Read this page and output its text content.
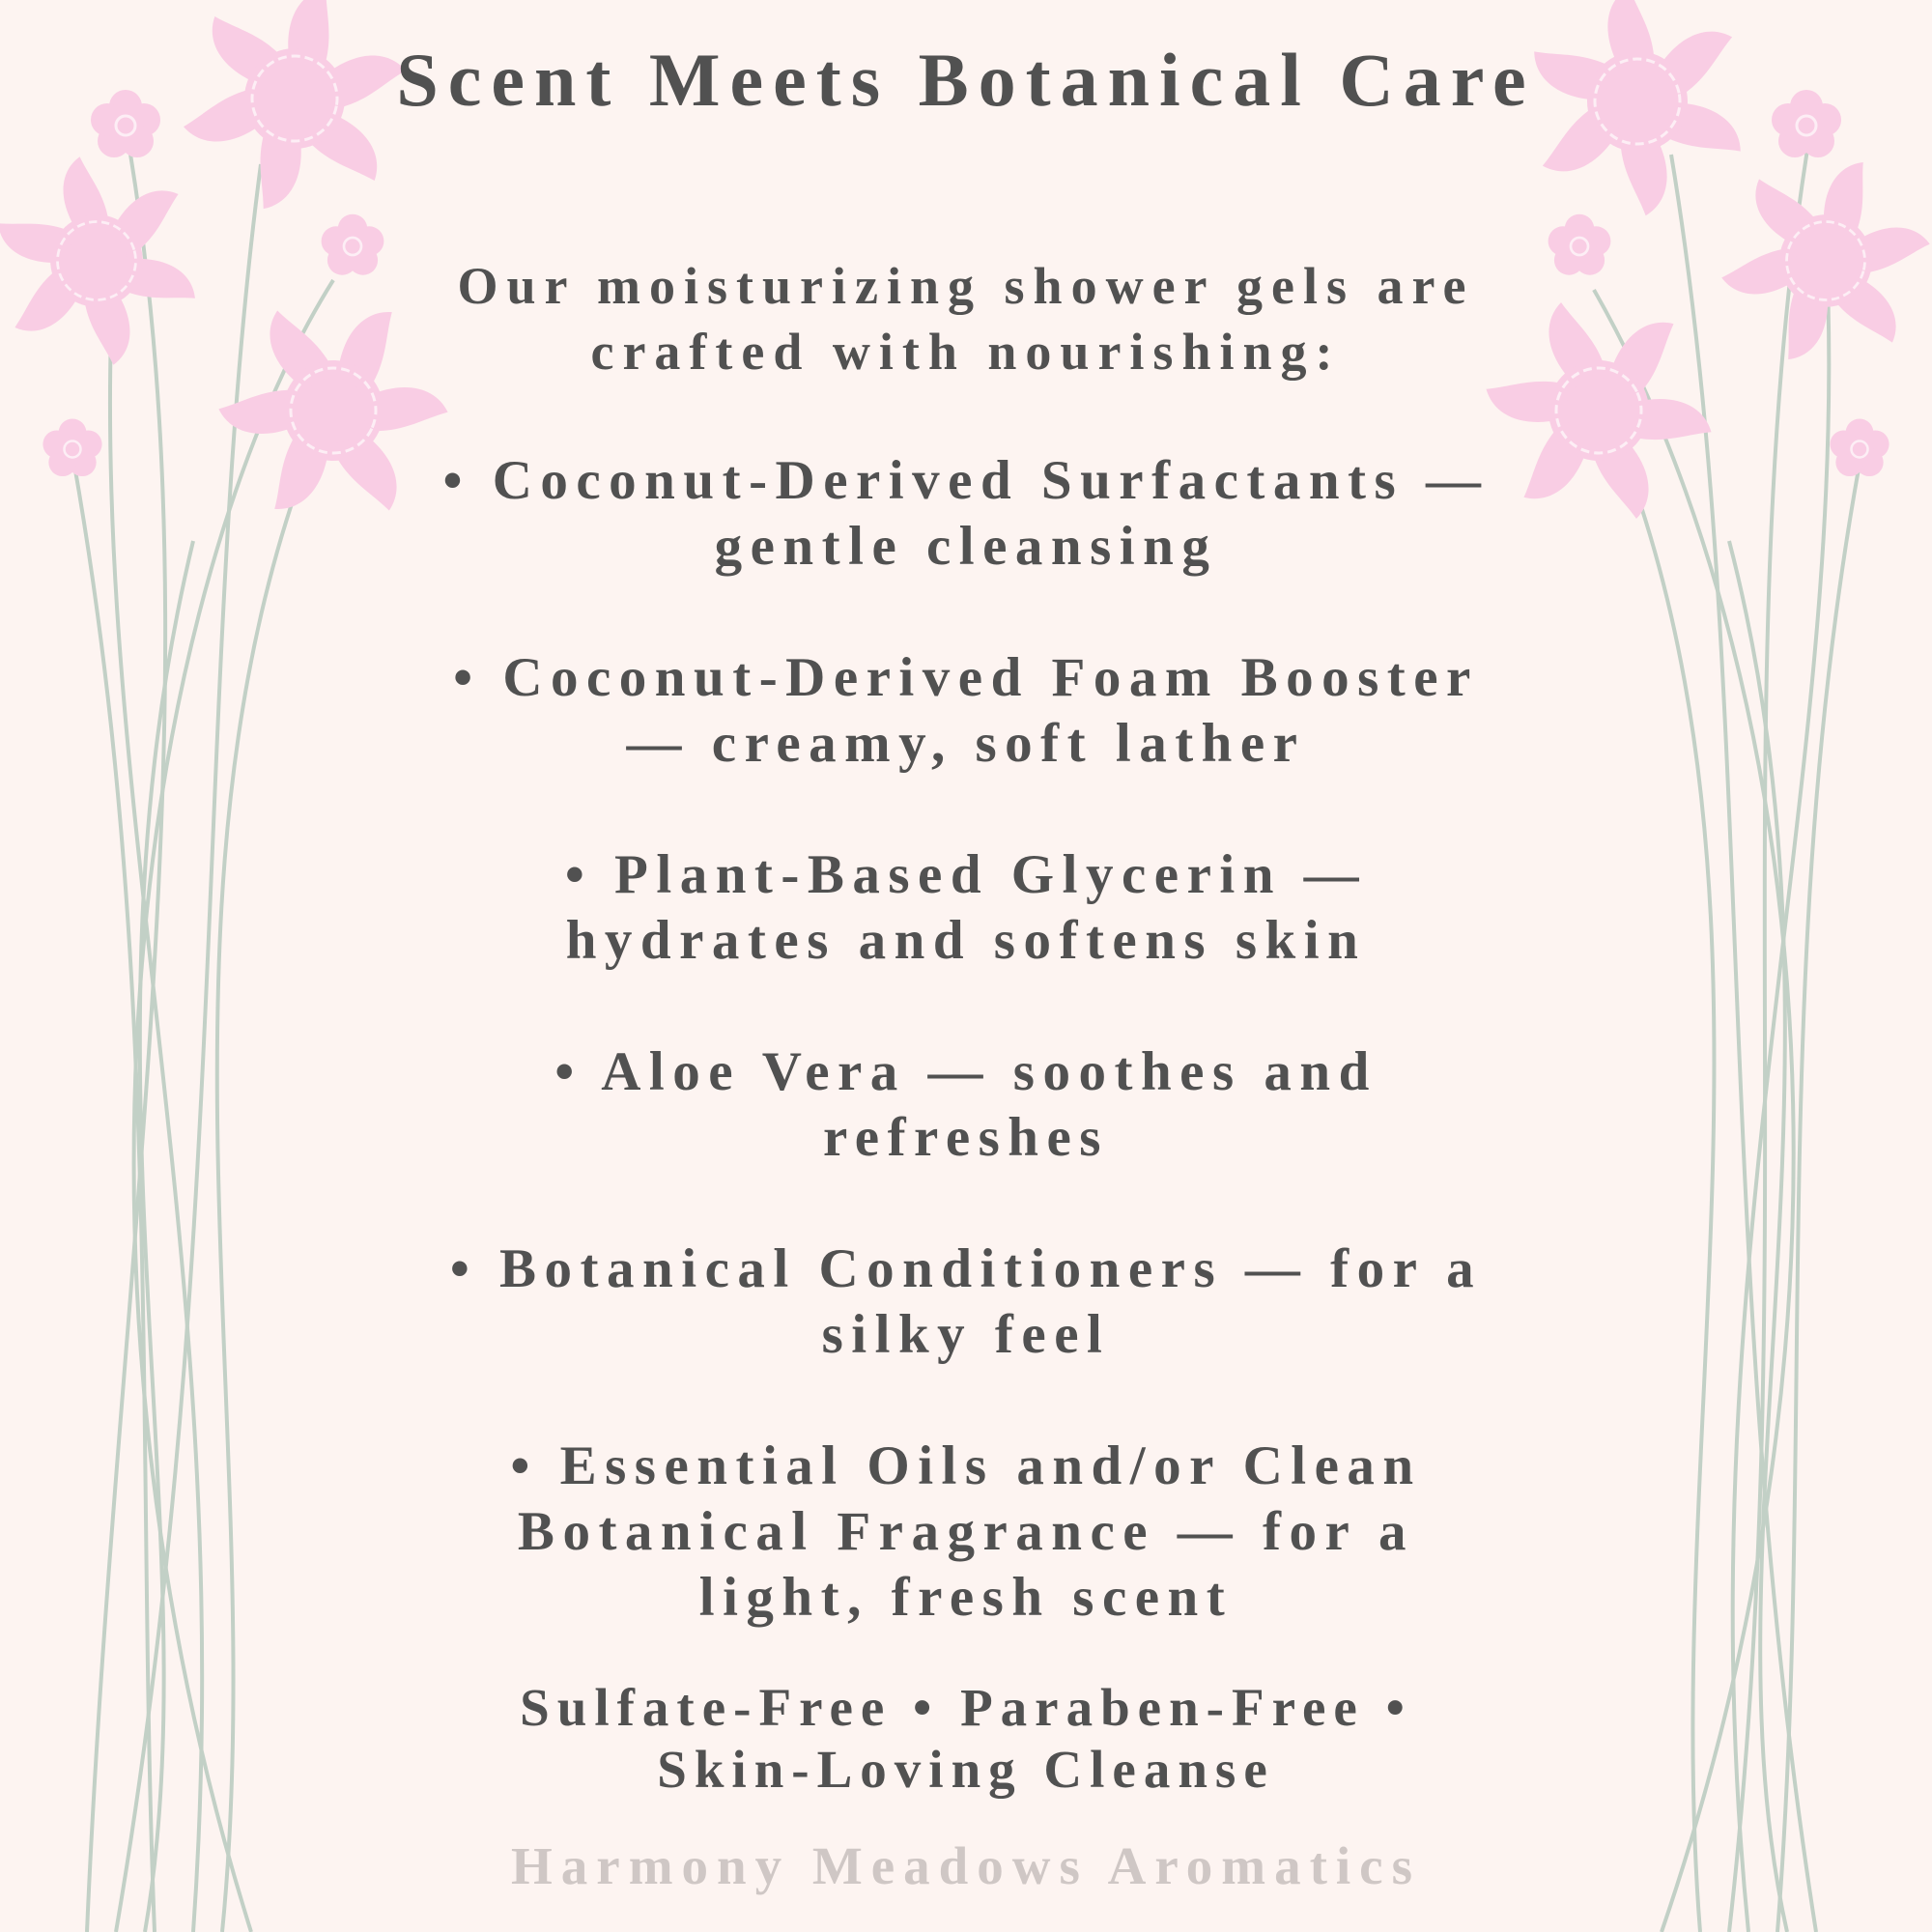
Scent Meets Botanical Care

Our moisturizing shower gels are crafted with nourishing:

• Coconut-Derived Surfactants — gentle cleansing

• Coconut-Derived Foam Booster — creamy, soft lather

• Plant-Based Glycerin — hydrates and softens skin

• Aloe Vera — soothes and refreshes

• Botanical Conditioners — for a silky feel

• Essential Oils and/or Clean Botanical Fragrance — for a light, fresh scent

Sulfate-Free • Paraben-Free • Skin-Loving Cleanse

Harmony Meadows Aromatics
